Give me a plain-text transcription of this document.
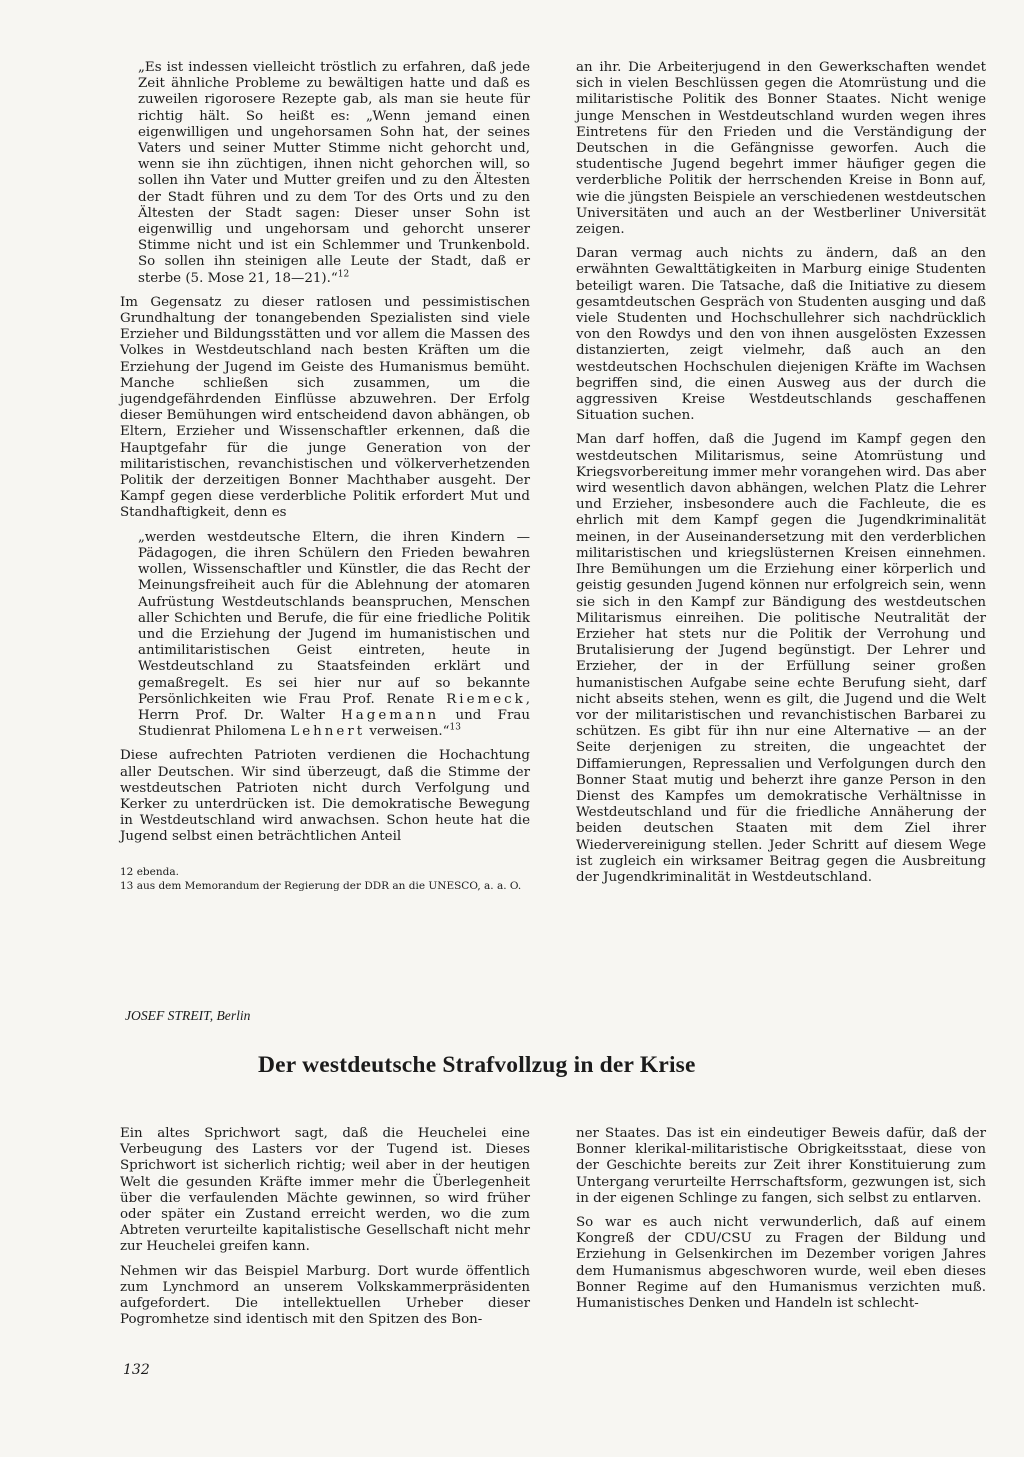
„Es ist indessen vielleicht tröstlich zu erfahren, daß jede Zeit ähnliche Probleme zu bewältigen hatte und daß es zuweilen rigorosere Rezepte gab, als man sie heute für richtig hält. So heißt es: „Wenn jemand einen eigenwilligen und ungehorsamen Sohn hat, der seines Vaters und seiner Mutter Stimme nicht gehorcht und, wenn sie ihn züchtigen, ihnen nicht gehorchen will, so sollen ihn Vater und Mutter greifen und zu den Ältesten der Stadt führen und zu dem Tor des Orts und zu den Ältesten der Stadt sagen: Dieser unser Sohn ist eigenwillig und ungehorsam und gehorcht unserer Stimme nicht und ist ein Schlemmer und Trunkenbold. So sollen ihn steinigen alle Leute der Stadt, daß er sterbe (5. Mose 21, 18—21).“$^{12}$

Im Gegensatz zu dieser ratlosen und pessimistischen Grundhaltung der tonangebenden Spezialisten sind viele Erzieher und Bildungsstätten und vor allem die Massen des Volkes in Westdeutschland nach besten Kräften um die Erziehung der Jugend im Geiste des Humanismus bemüht. Manche schließen sich zusammen, um die jugendgefährdenden Einflüsse abzuwehren. Der Erfolg dieser Bemühungen wird entscheidend davon abhängen, ob Eltern, Erzieher und Wissenschaftler erkennen, daß die Hauptgefahr für die junge Generation von der militaristischen, revanchistischen und völkerverhetzenden Politik der derzeitigen Bonner Machthaber ausgeht. Der Kampf gegen diese verderbliche Politik erfordert Mut und Standhaftigkeit, denn es

„werden westdeutsche Eltern, die ihren Kindern — Pädagogen, die ihren Schülern den Frieden bewahren wollen, Wissenschaftler und Künstler, die das Recht der Meinungsfreiheit auch für die Ablehnung der atomaren Aufrüstung Westdeutschlands beanspruchen, Menschen aller Schichten und Berufe, die für eine friedliche Politik und die Erziehung der Jugend im humanistischen und antimilitaristischen Geist eintreten, heute in Westdeutschland zu Staatsfeinden erklärt und gemaßregelt. Es sei hier nur auf so bekannte Persönlichkeiten wie Frau Prof. Renate Riemeck, Herrn Prof. Dr. Walter Hagemann und Frau Studienrat Philomena Lehnert verweisen.“$^{13}$

Diese aufrechten Patrioten verdienen die Hochachtung aller Deutschen. Wir sind überzeugt, daß die Stimme der westdeutschen Patrioten nicht durch Verfolgung und Kerker zu unterdrücken ist. Die demokratische Bewegung in Westdeutschland wird anwachsen. Schon heute hat die Jugend selbst einen beträchtlichen Anteil

12 ebenda.

13 aus dem Memorandum der Regierung der DDR an die UNESCO, a. a. O.

an ihr. Die Arbeiterjugend in den Gewerkschaften wendet sich in vielen Beschlüssen gegen die Atomrüstung und die militaristische Politik des Bonner Staates. Nicht wenige junge Menschen in Westdeutschland wurden wegen ihres Eintretens für den Frieden und die Verständigung der Deutschen in die Gefängnisse geworfen. Auch die studentische Jugend begehrt immer häufiger gegen die verderbliche Politik der herrschenden Kreise in Bonn auf, wie die jüngsten Beispiele an verschiedenen westdeutschen Universitäten und auch an der Westberliner Universität zeigen.

Daran vermag auch nichts zu ändern, daß an den erwähnten Gewalttätigkeiten in Marburg einige Studenten beteiligt waren. Die Tatsache, daß die Initiative zu diesem gesamtdeutschen Gespräch von Studenten ausging und daß viele Studenten und Hochschullehrer sich nachdrücklich von den Rowdys und den von ihnen ausgelösten Exzessen distanzierten, zeigt vielmehr, daß auch an den westdeutschen Hochschulen diejenigen Kräfte im Wachsen begriffen sind, die einen Ausweg aus der durch die aggressiven Kreise Westdeutschlands geschaffenen Situation suchen.

Man darf hoffen, daß die Jugend im Kampf gegen den westdeutschen Militarismus, seine Atomrüstung und Kriegsvorbereitung immer mehr vorangehen wird. Das aber wird wesentlich davon abhängen, welchen Platz die Lehrer und Erzieher, insbesondere auch die Fachleute, die es ehrlich mit dem Kampf gegen die Jugendkriminalität meinen, in der Auseinandersetzung mit den verderblichen militaristischen und kriegslüsternen Kreisen einnehmen. Ihre Bemühungen um die Erziehung einer körperlich und geistig gesunden Jugend können nur erfolgreich sein, wenn sie sich in den Kampf zur Bändigung des westdeutschen Militarismus einreihen. Die politische Neutralität der Erzieher hat stets nur die Politik der Verrohung und Brutalisierung der Jugend begünstigt. Der Lehrer und Erzieher, der in der Erfüllung seiner großen humanistischen Aufgabe seine echte Berufung sieht, darf nicht abseits stehen, wenn es gilt, die Jugend und die Welt vor der militaristischen und revanchistischen Barbarei zu schützen. Es gibt für ihn nur eine Alternative — an der Seite derjenigen zu streiten, die ungeachtet der Diffamierungen, Repressalien und Verfolgungen durch den Bonner Staat mutig und beherzt ihre ganze Person in den Dienst des Kampfes um demokratische Verhältnisse in Westdeutschland und für die friedliche Annäherung der beiden deutschen Staaten mit dem Ziel ihrer Wiedervereinigung stellen. Jeder Schritt auf diesem Wege ist zugleich ein wirksamer Beitrag gegen die Ausbreitung der Jugendkriminalität in Westdeutschland.

JOSEF STREIT, Berlin
Der westdeutsche Strafvollzug in der Krise

Ein altes Sprichwort sagt, daß die Heuchelei eine Verbeugung des Lasters vor der Tugend ist. Dieses Sprichwort ist sicherlich richtig; weil aber in der heutigen Welt die gesunden Kräfte immer mehr die Überlegenheit über die verfaulenden Mächte gewinnen, so wird früher oder später ein Zustand erreicht werden, wo die zum Abtreten verurteilte kapitalistische Gesellschaft nicht mehr zur Heuchelei greifen kann.

Nehmen wir das Beispiel Marburg. Dort wurde öffentlich zum Lynchmord an unserem Volkskammerpräsidenten aufgefordert. Die intellektuellen Urheber dieser Pogromhetze sind identisch mit den Spitzen des Bon-

ner Staates. Das ist ein eindeutiger Beweis dafür, daß der Bonner klerikal-militaristische Obrigkeitsstaat, diese von der Geschichte bereits zur Zeit ihrer Konstituierung zum Untergang verurteilte Herrschaftsform, gezwungen ist, sich in der eigenen Schlinge zu fangen, sich selbst zu entlarven.

So war es auch nicht verwunderlich, daß auf einem Kongreß der CDU/CSU zu Fragen der Bildung und Erziehung in Gelsenkirchen im Dezember vorigen Jahres dem Humanismus abgeschworen wurde, weil eben dieses Bonner Regime auf den Humanismus verzichten muß. Humanistisches Denken und Handeln ist schlecht-

132
